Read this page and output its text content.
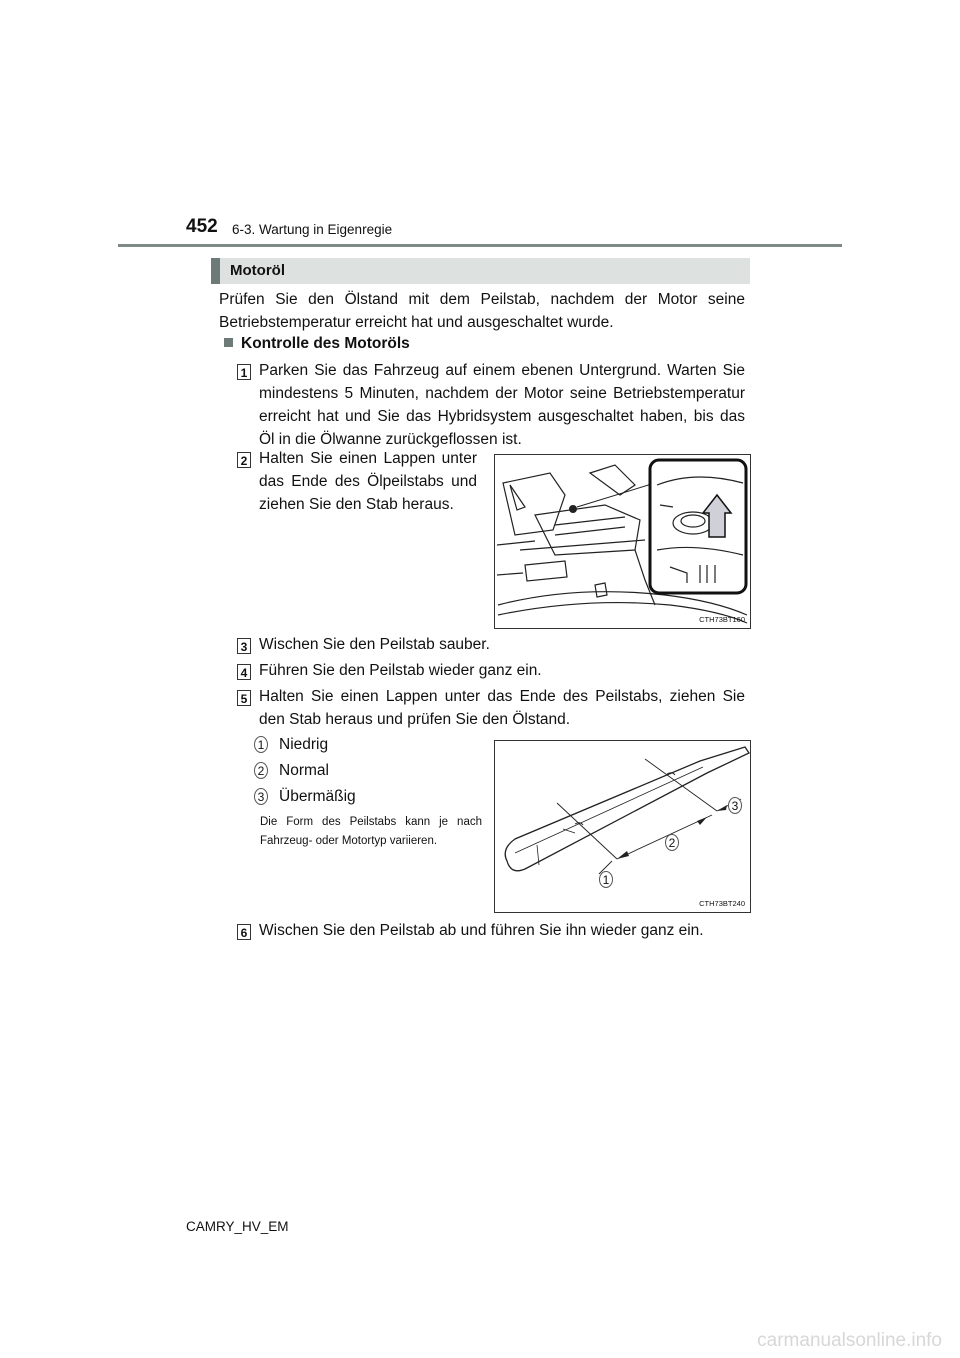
452 6-3. Wartung in Eigenregie
Motoröl
Prüfen Sie den Ölstand mit dem Peilstab, nachdem der Motor seine Betriebstemperatur erreicht hat und ausgeschaltet wurde.
Kontrolle des Motoröls
1 Parken Sie das Fahrzeug auf einem ebenen Untergrund. Warten Sie mindestens 5 Minuten, nachdem der Motor seine Betriebstemperatur erreicht hat und Sie das Hybridsystem ausgeschaltet haben, bis das Öl in die Ölwanne zurückgeflossen ist.
2 Halten Sie einen Lappen unter das Ende des Ölpeilstabs und ziehen Sie den Stab heraus.
CTH73BT160
3 Wischen Sie den Peilstab sauber.
4 Führen Sie den Peilstab wieder ganz ein.
5 Halten Sie einen Lappen unter das Ende des Peilstabs, ziehen Sie den Stab heraus und prüfen Sie den Ölstand.
1 Niedrig
2 Normal
3 Übermäßig
Die Form des Peilstabs kann je nach Fahrzeug- oder Motortyp variieren.
1
2
3
CTH73BT240
6 Wischen Sie den Peilstab ab und führen Sie ihn wieder ganz ein.
CAMRY_HV_EM
carmanualsonline.info
